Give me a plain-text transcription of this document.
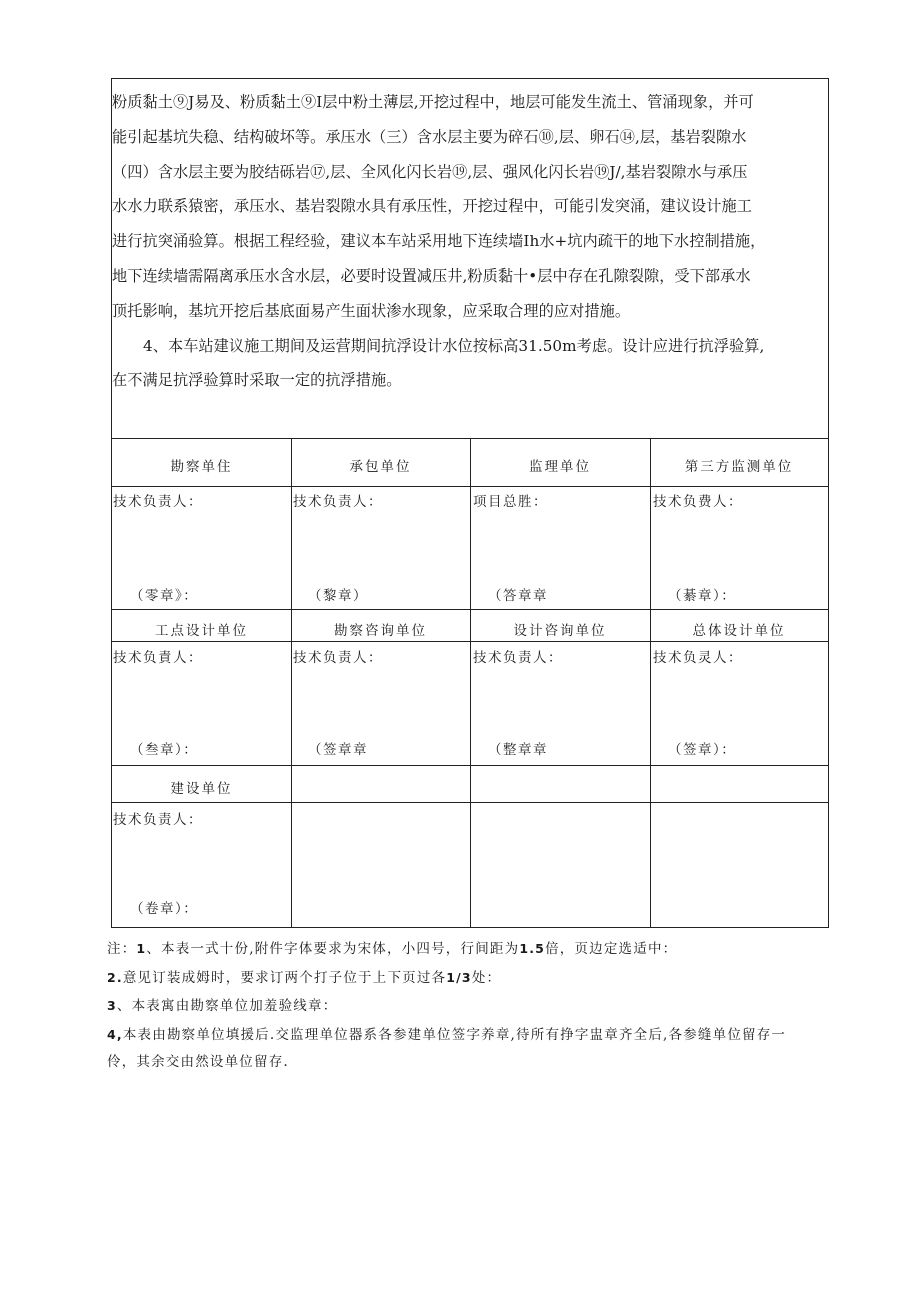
粉质黏土⑨J易及、粉质黏土⑨I层中粉土薄层,开挖过程中，地层可能发生流土、管涌现象，并可
能引起基坑失稳、结构破坏等。承压水（三）含水层主要为碎石⑩,层、卵石⑭,层，基岩裂隙水
（四）含水层主要为胶结砾岩⑰,层、全风化闪长岩⑲,层、强风化闪长岩⑲J/,基岩裂隙水与承压
水水力联系猿密，承压水、基岩裂隙水具有承压性，开挖过程中，可能引发突涌，建议设计施工
进行抗突涌验算。根据工程经验，建议本车站采用地下连续墙Ih水+坑内疏干的地下水控制措施，
地下连续墙需隔离承压水含水层，必要时设置减压井,粉质黏十•层中存在孔隙裂隙，受下部承水
顶托影响，基坑开挖后基底面易产生面状渗水现象，应采取合理的应对措施。

4、本车站建议施工期间及运营期间抗浮设计水位按标高31.50m考虑。设计应进行抗浮验算,
在不满足抗浮验算时采取一定的抗浮措施。

勘察单住	承包单位	监理单位	第三方监测单位
技术负责人：	技术负责人：	项目总胜：	技术负费人：
（零章》：	（黎章）	（答章章	（綦章）：
工点设计单位	勘察咨询单位	设计咨询单位	总体设计单位
技术负責人：	技术负责人：	技术负责人：	技术负灵人：
（叁章）：	（签章章	（整章章	（签章）：
建设单位
技术负责人：
（卷章）：

注：1、本表一式十份,附件字体要求为宋体，小四号，行间距为1.5倍，页边定选适中：

2.意见订装成姆时，要求订两个打子位于上下页过各1/3处：

3、本表寓由勘察单位加羞验线章：

4,本表由勘察单位填援后.交监理单位器系各参建单位签字养章,待所有挣字盅章齐全后,各参缝单位留存一

伶，其余交由然设单位留存.
